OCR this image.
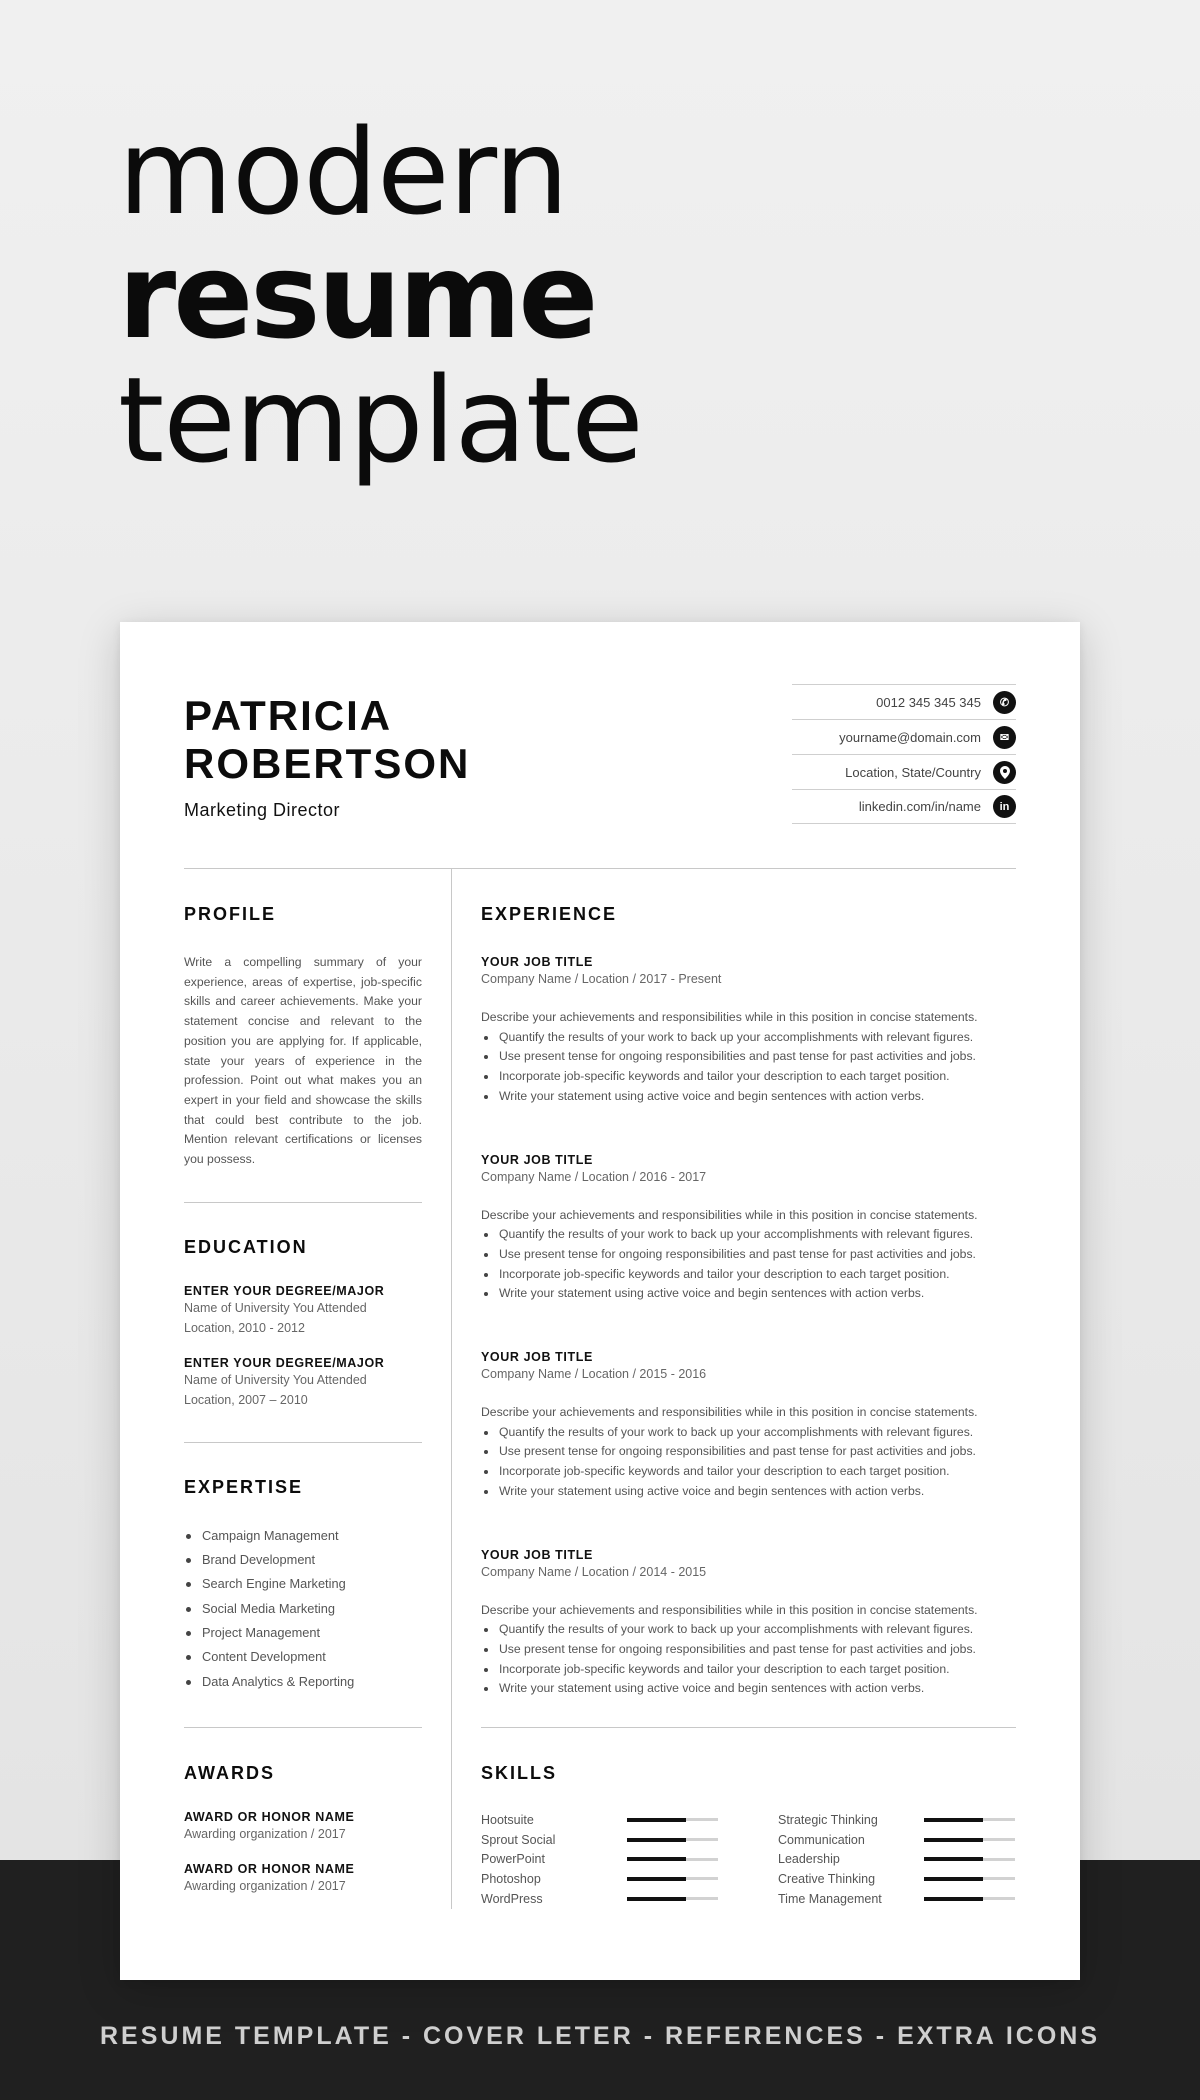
modern
resume
template
PATRICIA
ROBERTSON
Marketing Director
0012 345 345 345	✆
yourname@domain.com	✉
Location, State/Country
linkedin.com/in/name	in
PROFILE

Write a compelling summary of your experience, areas of expertise, job-specific skills and career achievements. Make your statement concise and relevant to the position you are applying for. If applicable, state your years of experience in the profession. Point out what makes you an expert in your field and showcase the skills that could best contribute to the job. Mention relevant certifications or licenses you possess.

EDUCATION
ENTER YOUR DEGREE/MAJOR
Name of University You Attended
Location, 2010 - 2012
ENTER YOUR DEGREE/MAJOR
Name of University You Attended
Location, 2007 – 2010
EXPERTISE
Campaign Management
Brand Development
Search Engine Marketing
Social Media Marketing
Project Management
Content Development
Data Analytics & Reporting
EXPERIENCE
YOUR JOB TITLE
Company Name / Location / 2017 - Present
Describe your achievements and responsibilities while in this position in concise statements.
Quantify the results of your work to back up your accomplishments with relevant figures.
Use present tense for ongoing responsibilities and past tense for past activities and jobs.
Incorporate job-specific keywords and tailor your description to each target position.
Write your statement using active voice and begin sentences with action verbs.
YOUR JOB TITLE
Company Name / Location / 2016 - 2017
Describe your achievements and responsibilities while in this position in concise statements.
Quantify the results of your work to back up your accomplishments with relevant figures.
Use present tense for ongoing responsibilities and past tense for past activities and jobs.
Incorporate job-specific keywords and tailor your description to each target position.
Write your statement using active voice and begin sentences with action verbs.
YOUR JOB TITLE
Company Name / Location / 2015 - 2016
Describe your achievements and responsibilities while in this position in concise statements.
Quantify the results of your work to back up your accomplishments with relevant figures.
Use present tense for ongoing responsibilities and past tense for past activities and jobs.
Incorporate job-specific keywords and tailor your description to each target position.
Write your statement using active voice and begin sentences with action verbs.
YOUR JOB TITLE
Company Name / Location / 2014 - 2015
Describe your achievements and responsibilities while in this position in concise statements.
Quantify the results of your work to back up your accomplishments with relevant figures.
Use present tense for ongoing responsibilities and past tense for past activities and jobs.
Incorporate job-specific keywords and tailor your description to each target position.
Write your statement using active voice and begin sentences with action verbs.
AWARDS
AWARD OR HONOR NAME
Awarding organization / 2017
AWARD OR HONOR NAME
Awarding organization / 2017
SKILLS
Hootsuite
Sprout Social
PowerPoint
Photoshop
WordPress
Strategic Thinking
Communication
Leadership
Creative Thinking
Time Management
RESUME TEMPLATE - COVER LETER - REFERENCES - EXTRA ICONS
